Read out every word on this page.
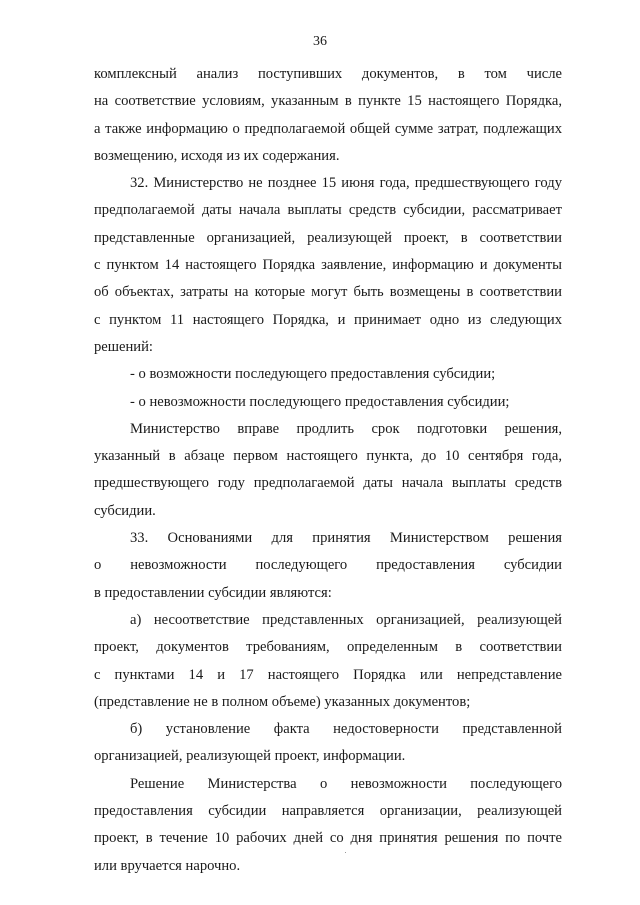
36
комплексный анализ поступивших документов, в том числе
на соответствие условиям, указанным в пункте 15 настоящего Порядка,
а также информацию о предполагаемой общей сумме затрат, подлежащих
возмещению, исходя из их содержания.
32. Министерство не позднее 15 июня года, предшествующего году
предполагаемой даты начала выплаты средств субсидии, рассматривает
представленные организацией, реализующей проект, в соответствии
с пунктом 14 настоящего Порядка заявление, информацию и документы
об объектах, затраты на которые могут быть возмещены в соответствии
с пунктом 11 настоящего Порядка, и принимает одно из следующих
решений:
- о возможности последующего предоставления субсидии;
- о невозможности последующего предоставления субсидии;
Министерство вправе продлить срок подготовки решения,
указанный в абзаце первом настоящего пункта, до 10 сентября года,
предшествующего году предполагаемой даты начала выплаты средств
субсидии.
33. Основаниями для принятия Министерством решения
о невозможности последующего предоставления субсидии
в предоставлении субсидии являются:
а) несоответствие представленных организацией, реализующей
проект, документов требованиям, определенным в соответствии
с пунктами 14 и 17 настоящего Порядка или непредставление
(представление не в полном объеме) указанных документов;
б) установление факта недостоверности представленной
организацией, реализующей проект, информации.
Решение Министерства о невозможности последующего
предоставления субсидии направляется организации, реализующей
проект, в течение 10 рабочих дней со дня принятия решения по почте
или вручается нарочно.
